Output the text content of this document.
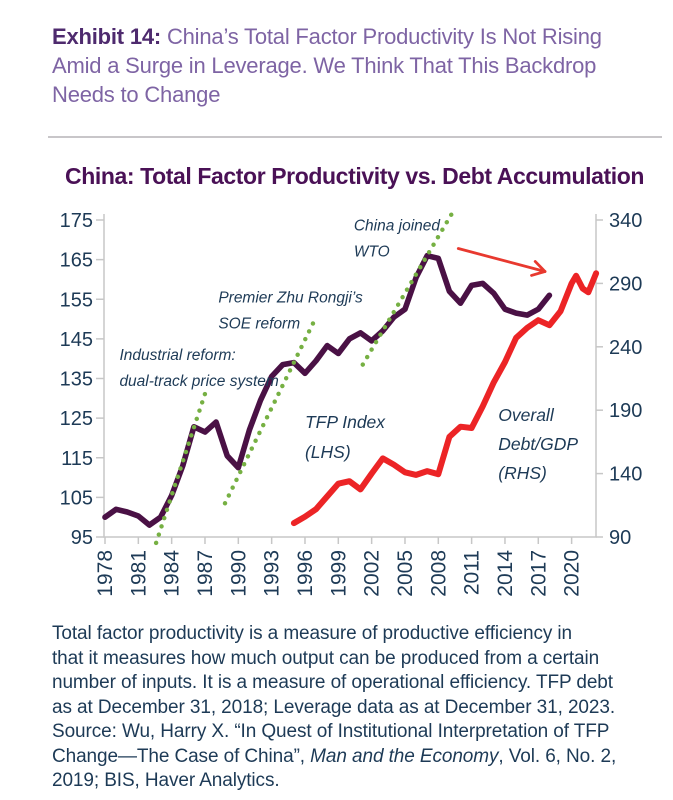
Exhibit 14: China’s Total Factor Productivity Is Not Rising
Amid a Surge in Leverage. We Think That This Backdrop
Needs to Change
China: Total Factor Productivity vs. Debt Accumulation
175
165
155
145
135
125
115
105
95
340
290
240
190
140
90
1978 1981 1984 1987 1990 1993 1996 1999 2002 2005 2008 2011 2014 2017 2020
Industrial reform: dual-track price system
Premier Zhu Rongji’s SOE reform
China joined WTO
TFP Index (LHS)
Overall Debt/GDP (RHS)
Total factor productivity is a measure of productive efficiency in
that it measures how much output can be produced from a certain
number of inputs. It is a measure of operational efficiency. TFP debt
as at December 31, 2018; Leverage data as at December 31, 2023.
Source: Wu, Harry X. “In Quest of Institutional Interpretation of TFP
Change—The Case of China”, Man and the Economy, Vol. 6, No. 2,
2019; BIS, Haver Analytics.
